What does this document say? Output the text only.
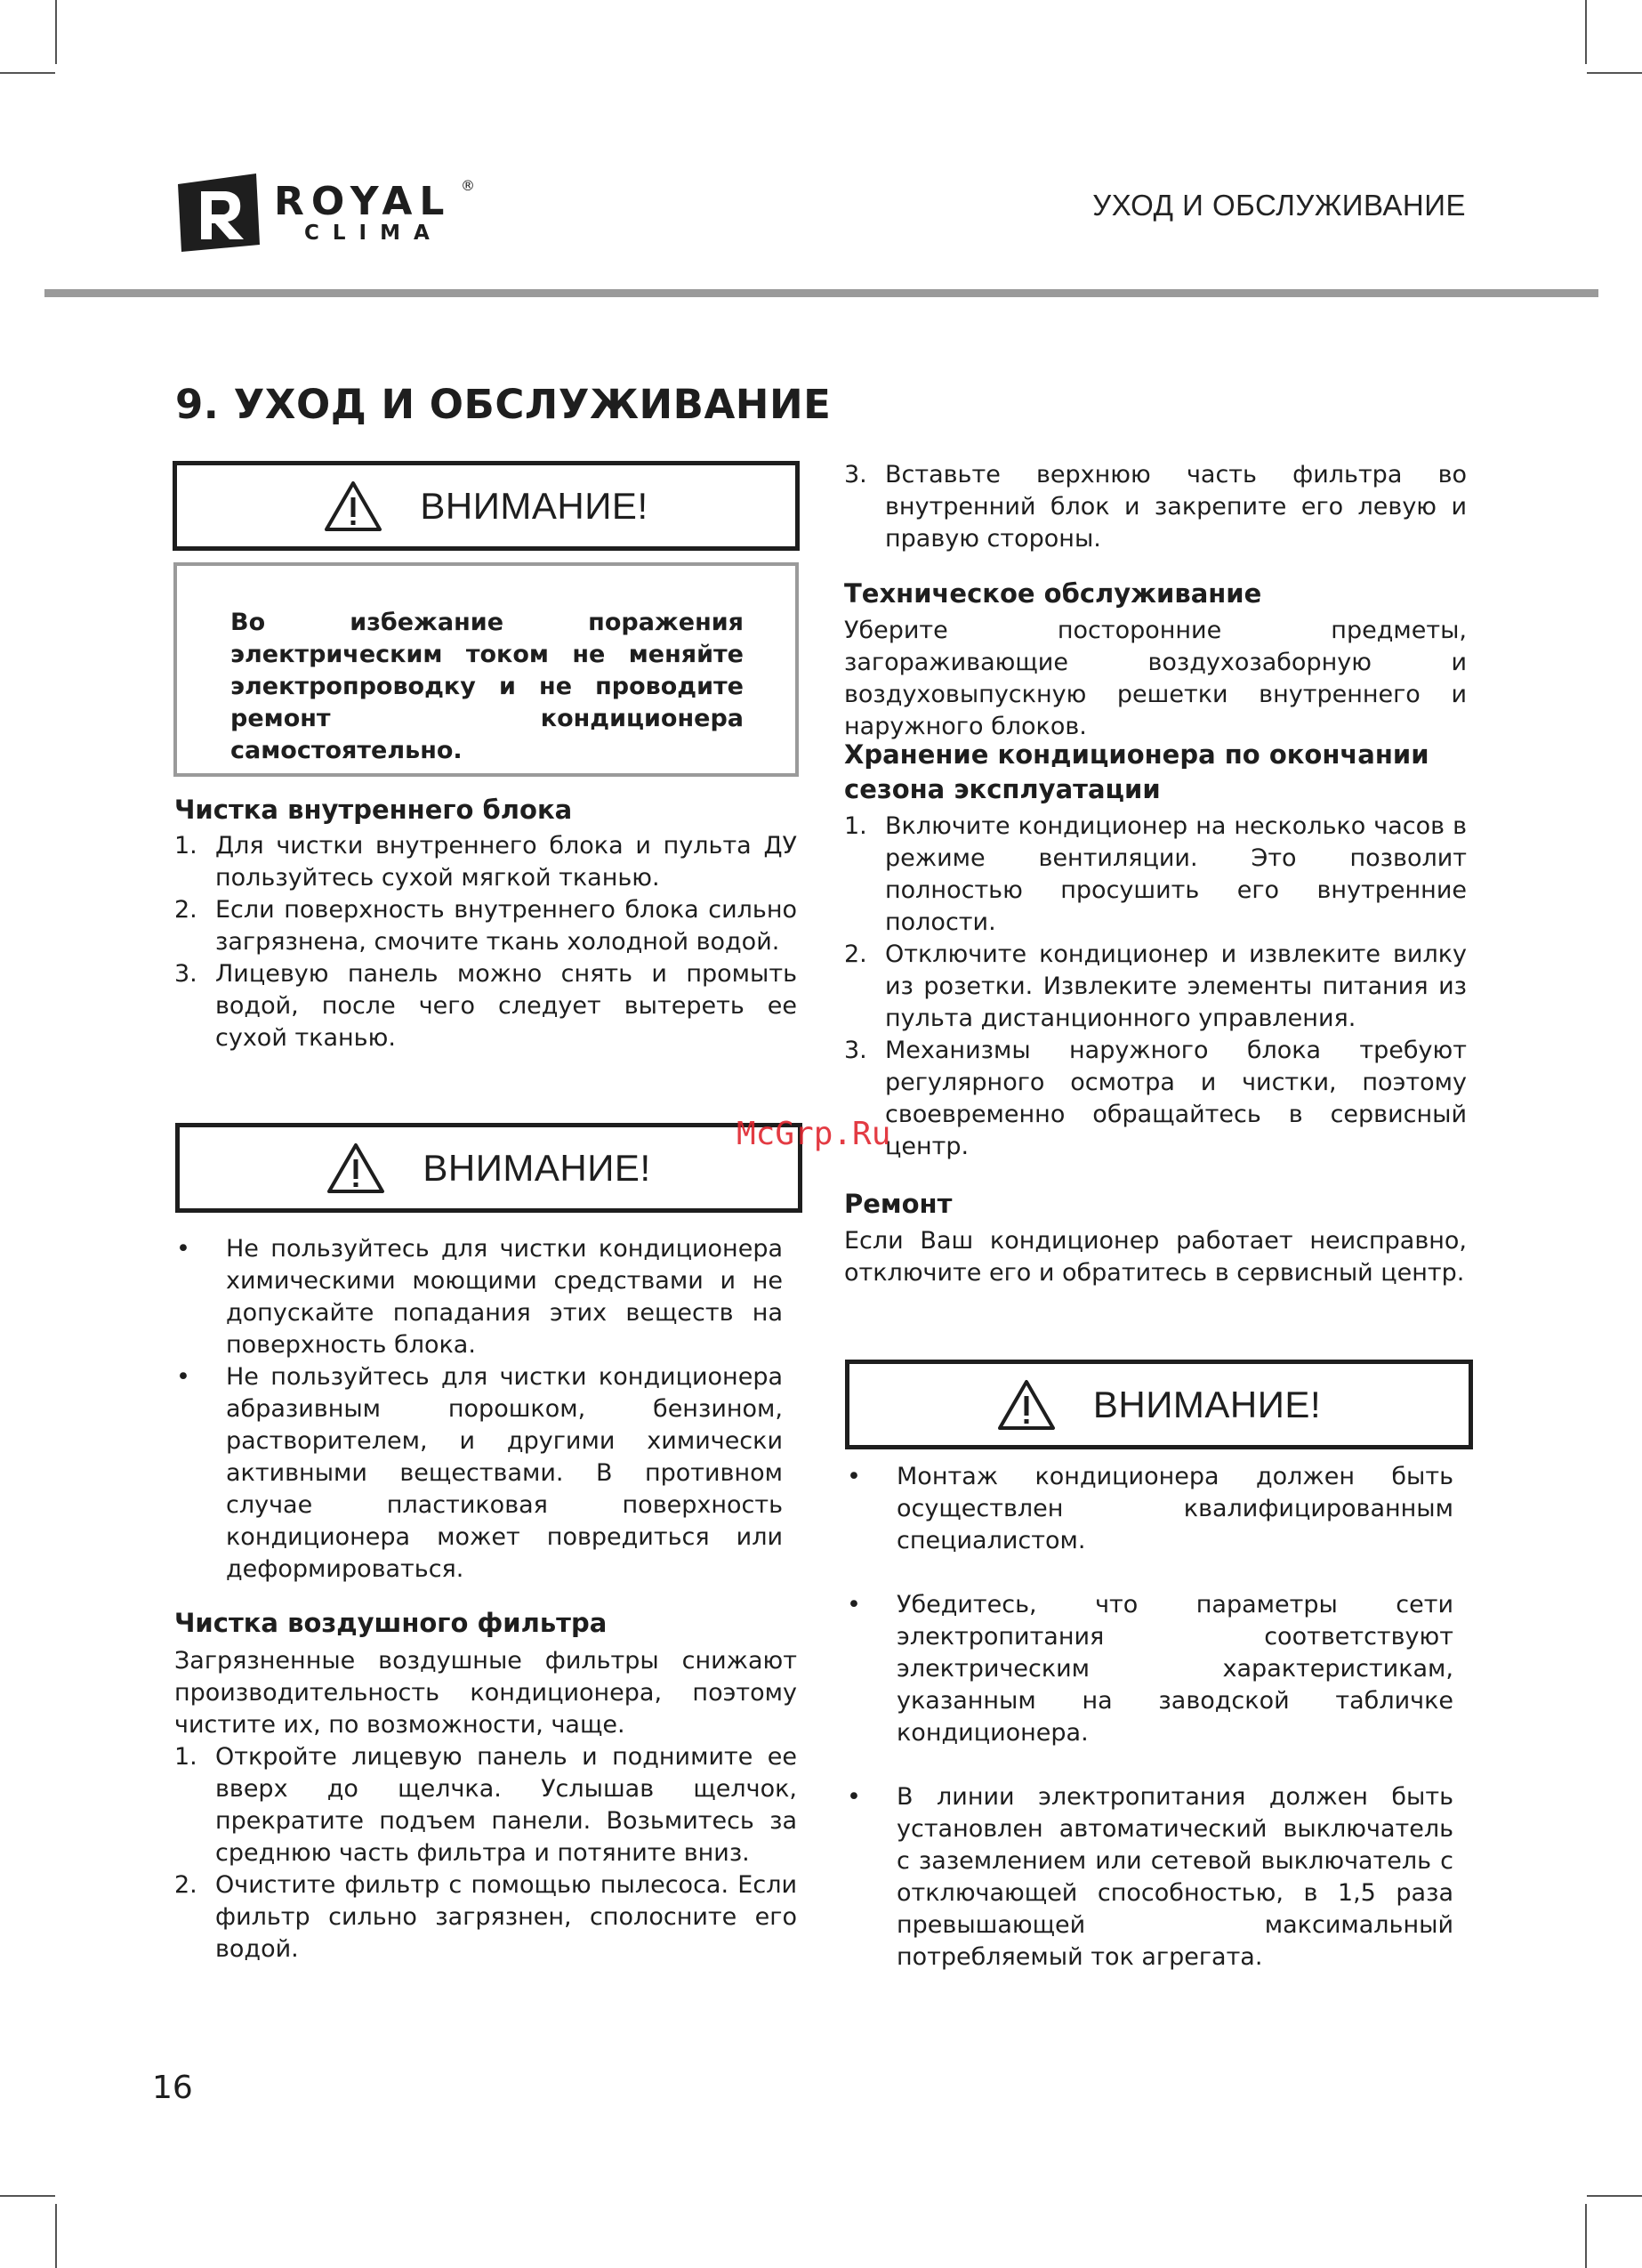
ROYAL ®
CLIMA
УХОД И ОБСЛУЖИВАНИЕ
9. УХОД И ОБСЛУЖИВАНИЕ
ВНИМАНИЕ!

Во избежание поражения электрическим током не меняйте электропроводку и не проводите ремонт кондиционера самостоятельно.

Чистка внутреннего блока
1. Для чистки внутреннего блока и пульта ДУ пользуйтесь сухой мягкой тканью.
2. Если поверхность внутреннего блока сильно загрязнена, смочите ткань холодной водой.
3. Лицевую панель можно снять и промыть водой, после чего следует вытереть ее сухой тканью.
ВНИМАНИЕ!
• Не пользуйтесь для чистки кондиционера химическими моющими средствами и не допускайте попадания этих веществ на поверхность блока.
• Не пользуйтесь для чистки кондиционера абразивным порошком, бензином, растворителем, и другими химически активными веществами. В противном случае пластиковая поверхность кондиционера может повредиться или деформироваться.
Чистка воздушного фильтра

Загрязненные воздушные фильтры снижают производительность кондиционера, поэтому чистите их, по возможности, чаще.

1. Откройте лицевую панель и поднимите ее вверх до щелчка. Услышав щелчок, прекратите подъем панели. Возьмитесь за среднюю часть фильтра и потяните вниз.
2. Очистите фильтр с помощью пылесоса. Если фильтр сильно загрязнен, сполосните его водой.
16
3. Вставьте верхнюю часть фильтра во внутренний блок и закрепите его левую и правую стороны.
Техническое обслуживание

Уберите посторонние предметы, загораживающие воздухозаборную и воздуховыпускную решетки внутреннего и наружного блоков.

Хранение кондиционера по окончании сезона эксплуатации
1. Включите кондиционер на несколько часов в режиме вентиляции. Это позволит полностью просушить его внутренние полости.
2. Отключите кондиционер и извлеките вилку из розетки. Извлеките элементы питания из пульта дистанционного управления.
3. Механизмы наружного блока требуют регулярного осмотра и чистки, поэтому своевременно обращайтесь в сервисный центр.
Ремонт

Если Ваш кондиционер работает неисправно, отключите его и обратитесь в сервисный центр.

ВНИМАНИЕ!
• Монтаж кондиционера должен быть осуществлен квалифицированным специалистом.
• Убедитесь, что параметры сети электропитания соответствуют электрическим характеристикам, указанным на заводской табличке кондиционера.
• В линии электропитания должен быть установлен автоматический выключатель с заземлением или сетевой выключатель с отключающей способностью, в 1,5 раза превышающей максимальный потребляемый ток агрегата.
McGrp.Ru
